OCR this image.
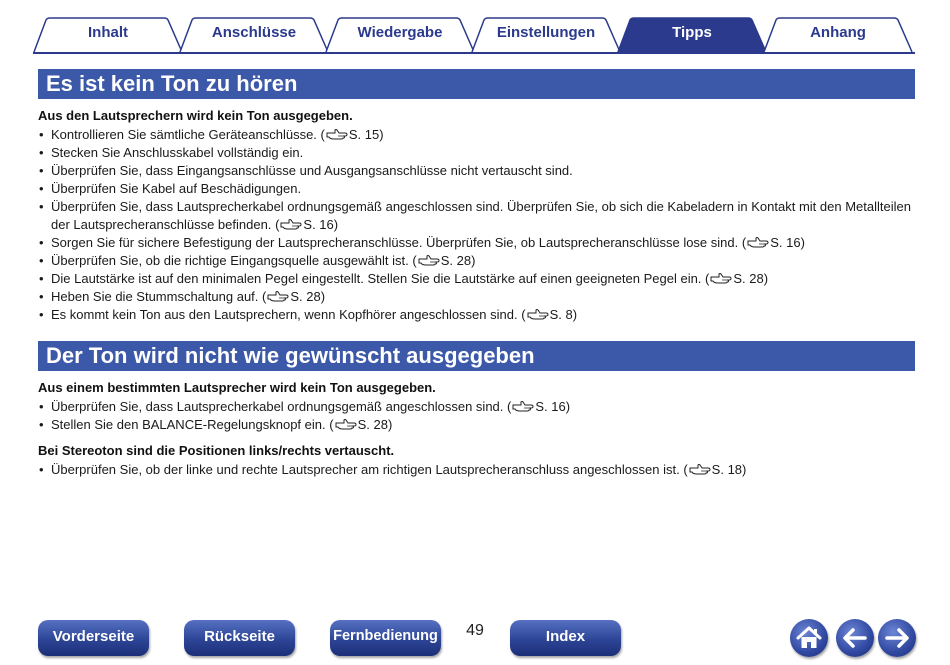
Inhalt	Anschlüsse	Wiedergabe	Einstellungen	Tipps	Anhang
Es ist kein Ton zu hören
Aus den Lautsprechern wird kein Ton ausgegeben.
• Kontrollieren Sie sämtliche Geräteanschlüsse. ( S. 15)
• Stecken Sie Anschlusskabel vollständig ein.
• Überprüfen Sie, dass Eingangsanschlüsse und Ausgangsanschlüsse nicht vertauscht sind.
• Überprüfen Sie Kabel auf Beschädigungen.
• Überprüfen Sie, dass Lautsprecherkabel ordnungsgemäß angeschlossen sind. Überprüfen Sie, ob sich die Kabeladern in Kontakt mit den Metallteilen der Lautsprecheranschlüsse befinden. ( S. 16)
• Sorgen Sie für sichere Befestigung der Lautsprecheranschlüsse. Überprüfen Sie, ob Lautsprecheranschlüsse lose sind. ( S. 16)
• Überprüfen Sie, ob die richtige Eingangsquelle ausgewählt ist. ( S. 28)
• Die Lautstärke ist auf den minimalen Pegel eingestellt. Stellen Sie die Lautstärke auf einen geeigneten Pegel ein. ( S. 28)
• Heben Sie die Stummschaltung auf. ( S. 28)
• Es kommt kein Ton aus den Lautsprechern, wenn Kopfhörer angeschlossen sind. ( S. 8)
Der Ton wird nicht wie gewünscht ausgegeben
Aus einem bestimmten Lautsprecher wird kein Ton ausgegeben.
• Überprüfen Sie, dass Lautsprecherkabel ordnungsgemäß angeschlossen sind. ( S. 16)
• Stellen Sie den BALANCE-Regelungsknopf ein. ( S. 28)
Bei Stereoton sind die Positionen links/rechts vertauscht.
• Überprüfen Sie, ob der linke und rechte Lautsprecher am richtigen Lautsprecheranschluss angeschlossen ist. ( S. 18)
Vorderseite	Rückseite	Fernbedienung 49	Index
